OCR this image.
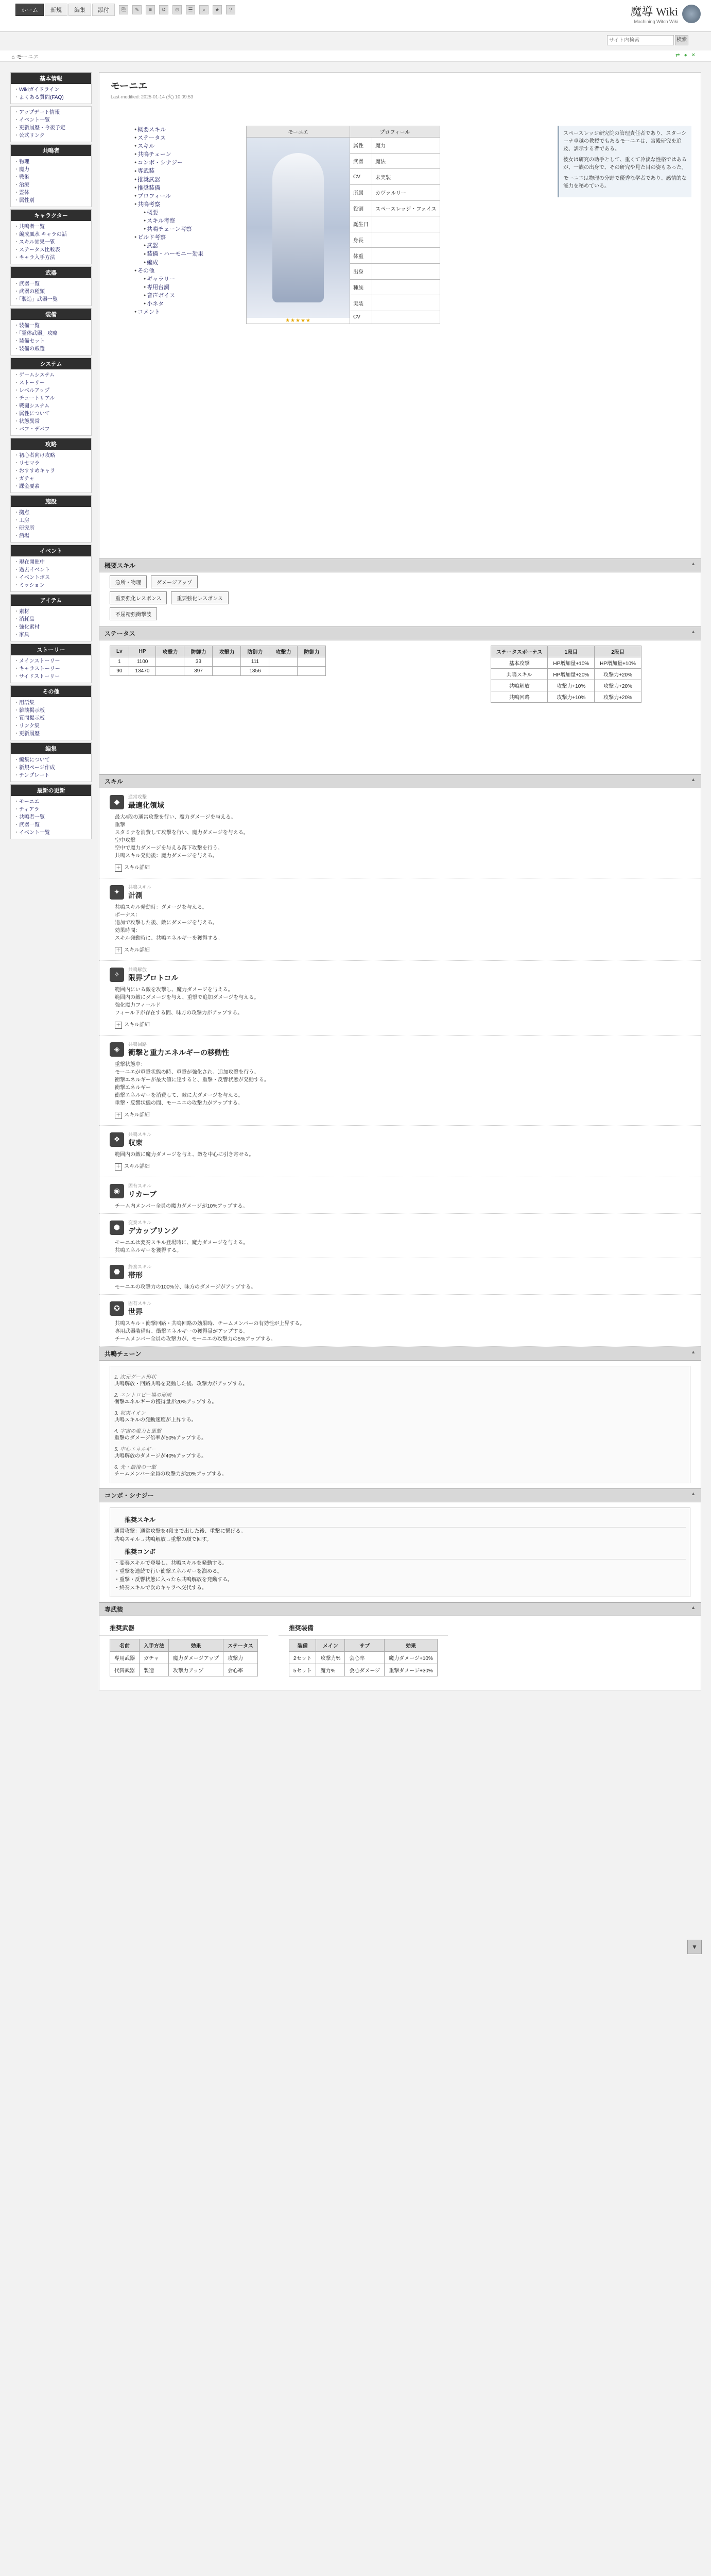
ホーム	新規	編集	添付	⎘	✎	≡	↺	⏲	☰	⌕	★	?	魔導 Wiki
Machining Witch Wiki
サイト内検索
検索
⌂ モーニエ	⇄ ● ✕
基本情報
・ Wikiガイドライン
・ よくある質問(FAQ)
・ アップデート情報
・ イベント一覧
・ 更新履歴・今後予定
・ 公式リンク
共鳴者
・ 物理
・ 魔力
・ 戦術
・ 治療
・ 霊体
・ 属性別
キャラクター
・ 共鳴者一覧
・ 編成風水 キャラの話
・ スキル効果一覧
・ ステータス比較表
・ キャラ入手方法
武器
・ 武器一覧
・ 武器の種類
・ 「製造」武器一覧
装備
・ 装備一覧
・ 「霊体武器」攻略
・ 装備セット
・ 装備の厳選
システム
・ ゲームシステム
・ ストーリー
・ レベルアップ
・ チュートリアル
・ 戦闘システム
・ 属性について
・ 状態異常
・ バフ・デバフ
攻略
・ 初心者向け攻略
・ リセマラ
・ おすすめキャラ
・ ガチャ
・ 課金要素
施設
・ 拠点
・ 工房
・ 研究所
・ 酒場
イベント
・ 現在開催中
・ 過去イベント
・ イベントボス
・ ミッション
アイテム
・ 素材
・ 消耗品
・ 強化素材
・ 家具
ストーリー
・ メインストーリー
・ キャラストーリー
・ サイドストーリー
その他
・ 用語集
・ 雑談掲示板
・ 質問掲示板
・ リンク集
・ 更新履歴
編集
・ 編集について
・ 新規ページ作成
・ テンプレート
最新の更新
・ モーニエ
・ ティアラ
・ 共鳴者一覧
・ 武器一覧
・ イベント一覧
モーニエ
Last-modified: 2025-01-14 (火) 10:09:53
● 概要スキル
● ステータス
● スキル
● 共鳴チェーン
● コンボ・シナジー
● 専武装
● 推奨武器
● 推奨装備
● プロフィール
● 共鳴考察
● 概要
● スキル考察
● 共鳴チェーン考察
● ビルド考察
● 武器
● 装備・ハーモニー効果
● 編成
● その他
● ギャラリー
● 専用台詞
● 音声ボイス
● 小ネタ
● コメント
モーニエ	プロフィール	

★★★★★	属性	魔力
	武器	魔法
	CV	未実装
	所属	カヴァルリー
	役割	スペースレッジ・フェイス
	誕生日	
	身長	
	体重	
	出身	
	種族	
	実装	
	CV	

スペースレッジ研究院の管理責任者であり、スターシーナ卓越の教授でもあるモーニエは、宮殿研究を追及、訓示する者である。

彼女は研究の助手として、重くて冷淡な性格ではあるが、一族の出身で、その研究や見た目の姿もあった。

モーニエは物理の分野で優秀な学者であり、感情的な能力を秘めている。

概要スキル ▲
急所・物理	ダメージアップ
重要強化レスポンス	重要強化レスポンス
不屈精強衝撃波
ステータス ▲
Lv	HP	攻撃力	防御力	攻撃力	防御力	攻撃力	防御力
1	1100		33		111		
90	13470		397		1356		
ステータスボーナス	1段目	2段目
基本攻撃	HP増加量+10%	HP増加量+10%
共鳴スキル	HP増加量+20%	攻撃力+20%
共鳴解放	攻撃力+10%	攻撃力+20%
共鳴回路	攻撃力+10%	攻撃力+20%
スキル ▲
◆
通常攻撃
最適化領域
最大4段の通常攻撃を行い、魔力ダメージを与える。
重撃
スタミナを消費して攻撃を行い、魔力ダメージを与える。
空中攻撃
空中で魔力ダメージを与える落下攻撃を行う。
共鳴スキル発動後：魔力ダメージを与える。
＋ スキル詳細
✦
共鳴スキル
計測
共鳴スキル発動時：ダメージを与える。
ボーナス：
追加で攻撃した後、敵にダメージを与える。
効果時間：
スキル発動時に、共鳴エネルギーを獲得する。
＋ スキル詳細
✧
共鳴解放
限界プロトコル
範囲内にいる敵を攻撃し、魔力ダメージを与える。
範囲内の敵にダメージを与え、重撃で追加ダメージを与える。
強化魔力フィールド
フィールドが存在する間、味方の攻撃力がアップする。
＋ スキル詳細
◈
共鳴回路
衝撃と重力エネルギーの移動性
重撃状態中：
モーニエが重撃状態の時、重撃が強化され、追加攻撃を行う。
衝撃エネルギーが最大値に達すると、重撃・反響状態が発動する。
衝撃エネルギー
衝撃エネルギーを消費して、敵に大ダメージを与える。
重撃・反響状態の間、モーニエの攻撃力がアップする。
＋ スキル詳細
❖
共鳴スキル
収束
範囲内の敵に魔力ダメージを与え、敵を中心に引き寄せる。
＋ スキル詳細
◉
固有スキル
リカーブ
チーム内メンバー全員の魔力ダメージが10%アップする。
⬢
変奏スキル
デカップリング
モーニエは変奏スキル登場時に、魔力ダメージを与える。
共鳴エネルギーを獲得する。
⬣
終奏スキル
帯形
モーニエの攻撃力の100%分、味方のダメージがアップする。
✪
固有スキル
世界
共鳴スキル・衝撃回路・共鳴回路の効果時、チームメンバーの有効性が上昇する。
専用武器装備時、衝撃エネルギーの獲得量がアップする。
チームメンバー全員の攻撃力が、モーニエの攻撃力の5%アップする。
共鳴チェーン ▲
1. 次元グーム形状
共鳴解放・回路共鳴を発動した後、攻撃力がアップする。
2. エントロピー場の形成
衝撃エネルギーの獲得量が20%アップする。
3. 収束イオン
共鳴スキルの発動速度が上昇する。
4. 宇宙の魔力と衝撃
重撃のダメージ倍率が50%アップする。
5. 中心エネルギー
共鳴解放のダメージが40%アップする。
6. 光・最後の一撃
チームメンバー全員の攻撃力が20%アップする。
コンボ・シナジー ▲
推奨スキル
通常攻撃：通常攻撃を4段まで出した後、重撃に繋げる。
共鳴スキル→共鳴解放→重撃の順で回す。
推奨コンボ
・変奏スキルで登場し、共鳴スキルを発動する。
・重撃を連続で行い衝撃エネルギーを溜める。
・重撃・反響状態に入ったら共鳴解放を発動する。
・終奏スキルで次のキャラへ交代する。
専武装 ▲
推奨武器
名前	入手方法	効果	ステータス
専用武器	ガチャ	魔力ダメージアップ	攻撃力
代替武器	製造	攻撃力アップ	会心率
推奨装備
装備	メイン	サブ	効果
2セット	攻撃力%	会心率	魔力ダメージ+10%
5セット	魔力%	会心ダメージ	重撃ダメージ+30%
▼
